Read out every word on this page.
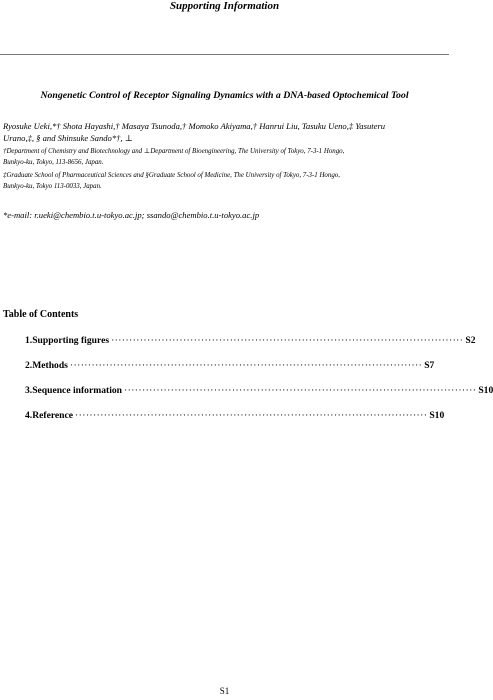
Supporting Information
Nongenetic Control of Receptor Signaling Dynamics with a DNA-based Optochemical Tool
Ryosuke Ueki,*† Shota Hayashi,† Masaya Tsunoda,† Momoko Akiyama,† Hanrui Liu, Tasuku Ueno,‡ Yasuteru
Urano,‡, § and Shinsuke Sando*†, ⊥
†Department of Chemistry and Biotechnology and ⊥Department of Bioengineering, The University of Tokyo, 7-3-1 Hongo,
Bunkyo-ku, Tokyo, 113-8656, Japan.
‡Graduate School of Pharmaceutical Sciences and §Graduate School of Medicine, The University of Tokyo, 7-3-1 Hongo,
Bunkyo-ku, Tokyo 113-0033, Japan.
*e-mail: r.ueki@chembio.t.u-tokyo.ac.jp; ssando@chembio.t.u-tokyo.ac.jp
Table of Contents
1. Supporting figures ·································································································· S2
2. Methods ·································································································· S7
3. Sequence information ·································································································· S10
4. Reference ·································································································· S10
S1
